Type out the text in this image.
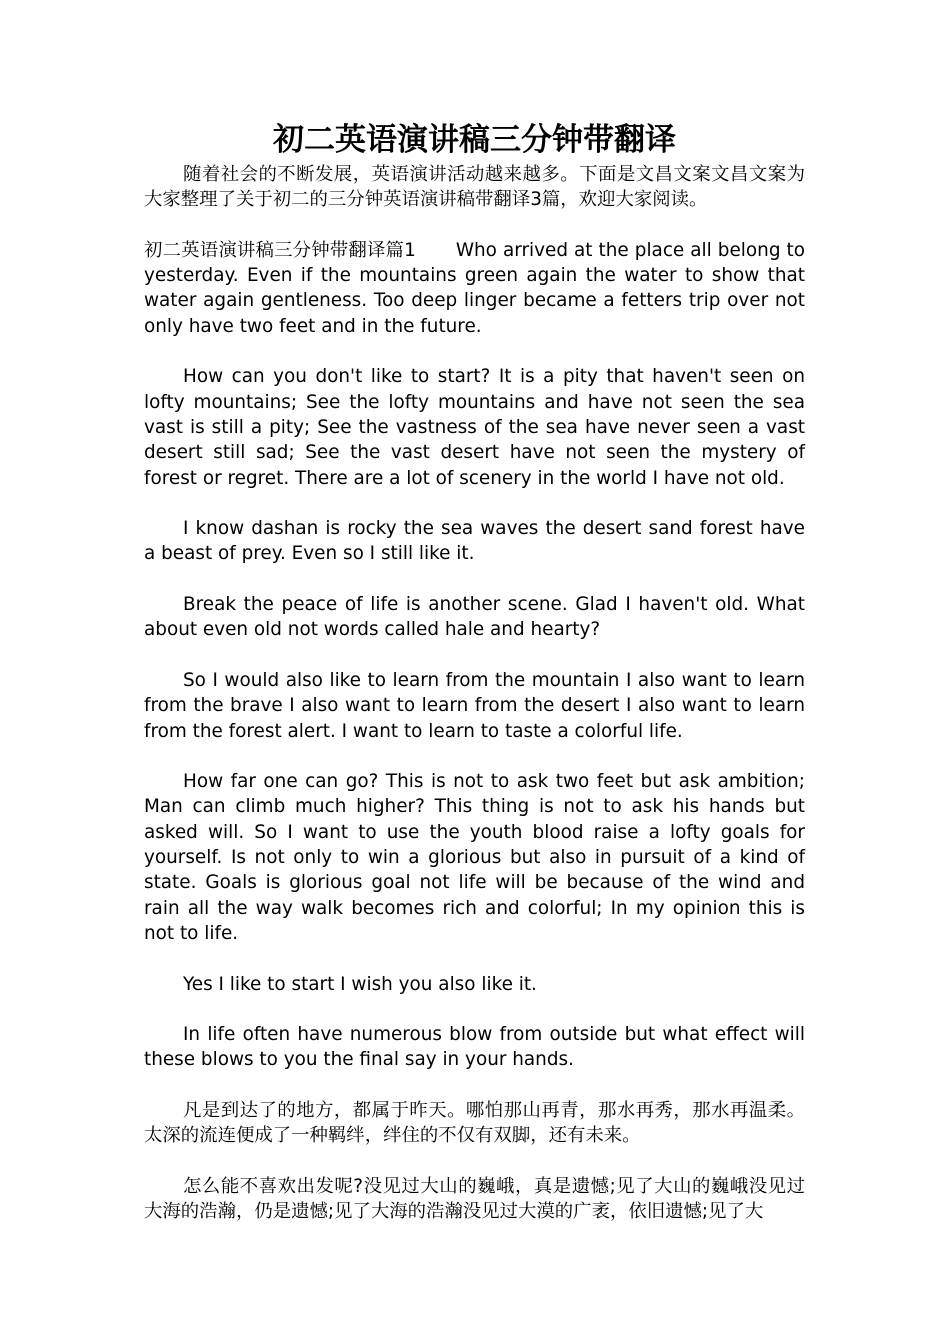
初二英语演讲稿三分钟带翻译

随着社会的不断发展，英语演讲活动越来越多。下面是文昌文案文昌文案为大家整理了关于初二的三分钟英语演讲稿带翻译3篇，欢迎大家阅读。

初二英语演讲稿三分钟带翻译篇1 Who arrived at the place all belong to yesterday. Even if the mountains green again the water to show that water again gentleness. Too deep linger became a fetters trip over not only have two feet and in the future.

How can you don't like to start? It is a pity that haven't seen on lofty mountains; See the lofty mountains and have not seen the sea vast is still a pity; See the vastness of the sea have never seen a vast desert still sad; See the vast desert have not seen the mystery of forest or regret. There are a lot of scenery in the world I have not old.

I know dashan is rocky the sea waves the desert sand forest have a beast of prey. Even so I still like it.

Break the peace of life is another scene. Glad I haven't old. What about even old not words called hale and hearty?

So I would also like to learn from the mountain I also want to learn from the brave I also want to learn from the desert I also want to learn from the forest alert. I want to learn to taste a colorful life.

How far one can go? This is not to ask two feet but ask ambition; Man can climb much higher? This thing is not to ask his hands but asked will. So I want to use the youth blood raise a lofty goals for yourself. Is not only to win a glorious but also in pursuit of a kind of state. Goals is glorious goal not life will be because of the wind and rain all the way walk becomes rich and colorful; In my opinion this is not to life.

Yes I like to start I wish you also like it.

In life often have numerous blow from outside but what effect will these blows to you the final say in your hands.

凡是到达了的地方，都属于昨天。哪怕那山再青，那水再秀，那水再温柔。太深的流连便成了一种羁绊，绊住的不仅有双脚，还有未来。

怎么能不喜欢出发呢?没见过大山的巍峨，真是遗憾;见了大山的巍峨没见过大海的浩瀚，仍是遗憾;见了大海的浩瀚没见过大漠的广袤，依旧遗憾;见了大
